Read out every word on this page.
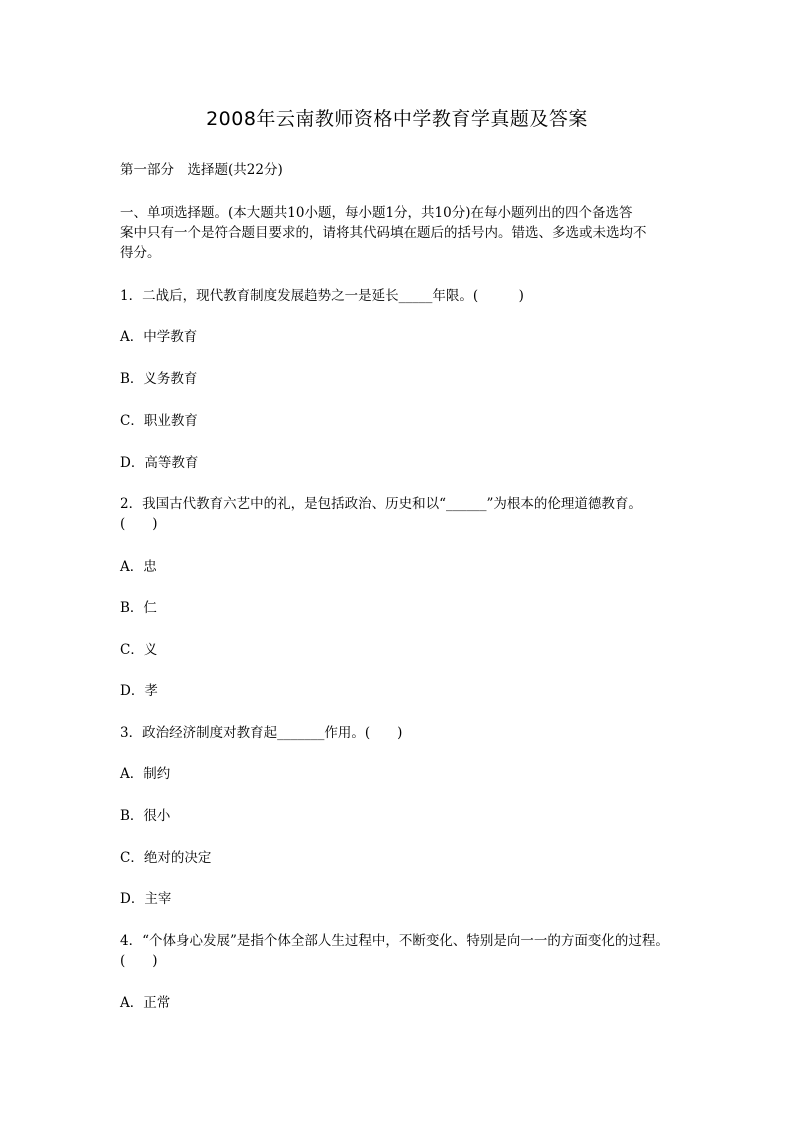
2008年云南教师资格中学教育学真题及答案
第一部分　选择题(共22分)
一、单项选择题。(本大题共10小题，每小题1分，共10分)在每小题列出的四个备选答
案中只有一个是符合题目要求的，请将其代码填在题后的括号内。错选、多选或未选均不
得分。
1．二战后，现代教育制度发展趋势之一是延长_____年限。(　　　)
A．中学教育
B．义务教育
C．职业教育
D．高等教育
2．我国古代教育六艺中的礼，是包括政治、历史和以“______”为根本的伦理道德教育。
(　　)
A．忠
B．仁
C．义
D．孝
3．政治经济制度对教育起_______作用。(　　)
A．制约
B．很小
C．绝对的决定
D．主宰
4．“个体身心发展”是指个体全部人生过程中，不断变化、特别是向一一的方面变化的过程。
(　　)
A．正常
